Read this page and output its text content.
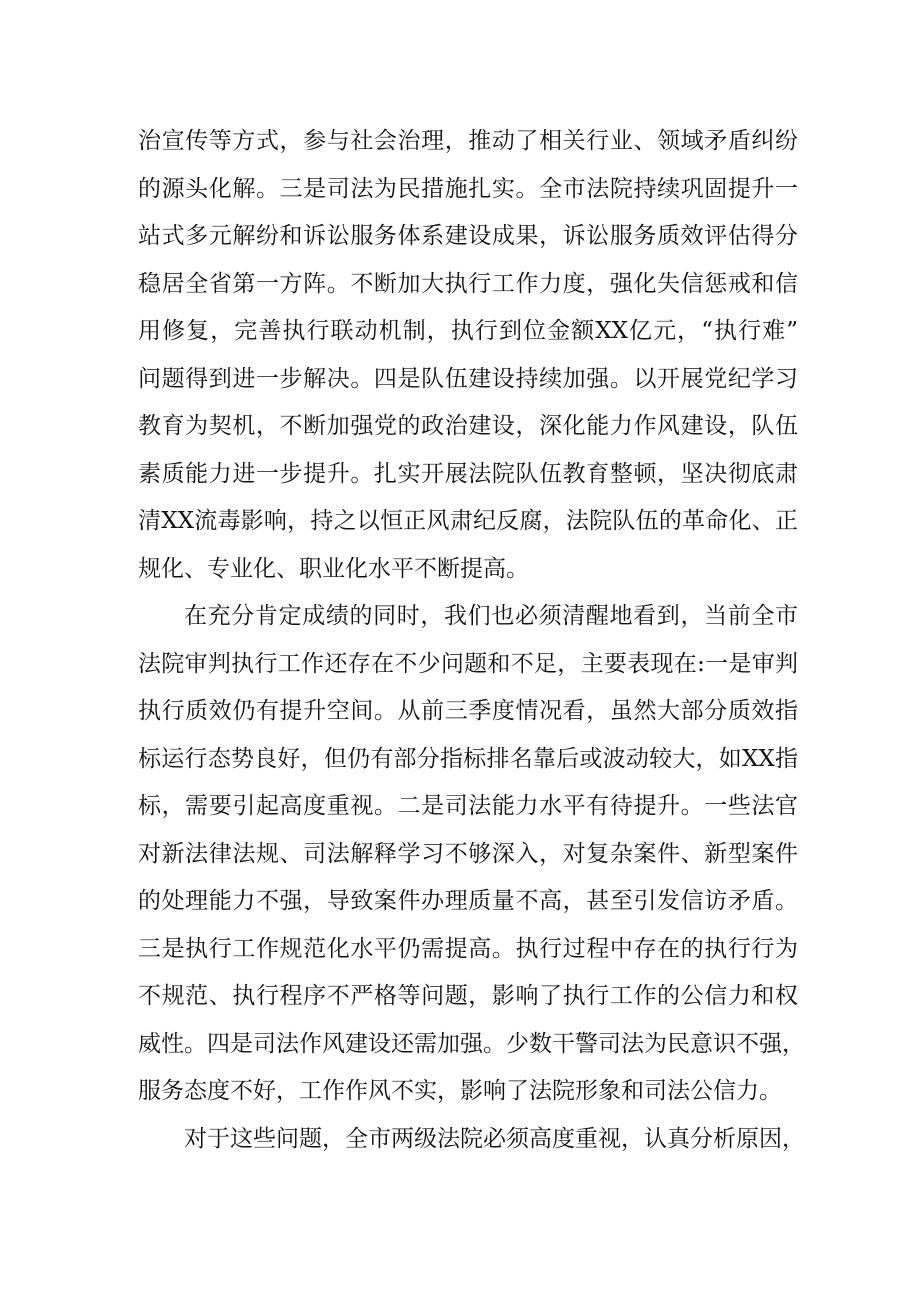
治宣传等方式，参与社会治理，推动了相关行业、领域矛盾纠纷
的源头化解。三是司法为民措施扎实。全市法院持续巩固提升一
站式多元解纷和诉讼服务体系建设成果，诉讼服务质效评估得分
稳居全省第一方阵。不断加大执行工作力度，强化失信惩戒和信
用修复，完善执行联动机制，执行到位金额XX亿元，“执行难”
问题得到进一步解决。四是队伍建设持续加强。以开展党纪学习
教育为契机，不断加强党的政治建设，深化能力作风建设，队伍
素质能力进一步提升。扎实开展法院队伍教育整顿，坚决彻底肃
清XX流毒影响，持之以恒正风肃纪反腐，法院队伍的革命化、正
规化、专业化、职业化水平不断提高。
在充分肯定成绩的同时，我们也必须清醒地看到，当前全市
法院审判执行工作还存在不少问题和不足，主要表现在:一是审判
执行质效仍有提升空间。从前三季度情况看，虽然大部分质效指
标运行态势良好，但仍有部分指标排名靠后或波动较大，如XX指
标，需要引起高度重视。二是司法能力水平有待提升。一些法官
对新法律法规、司法解释学习不够深入，对复杂案件、新型案件
的处理能力不强，导致案件办理质量不高，甚至引发信访矛盾。
三是执行工作规范化水平仍需提高。执行过程中存在的执行行为
不规范、执行程序不严格等问题，影响了执行工作的公信力和权
威性。四是司法作风建设还需加强。少数干警司法为民意识不强，
服务态度不好，工作作风不实，影响了法院形象和司法公信力。
对于这些问题，全市两级法院必须高度重视，认真分析原因，
